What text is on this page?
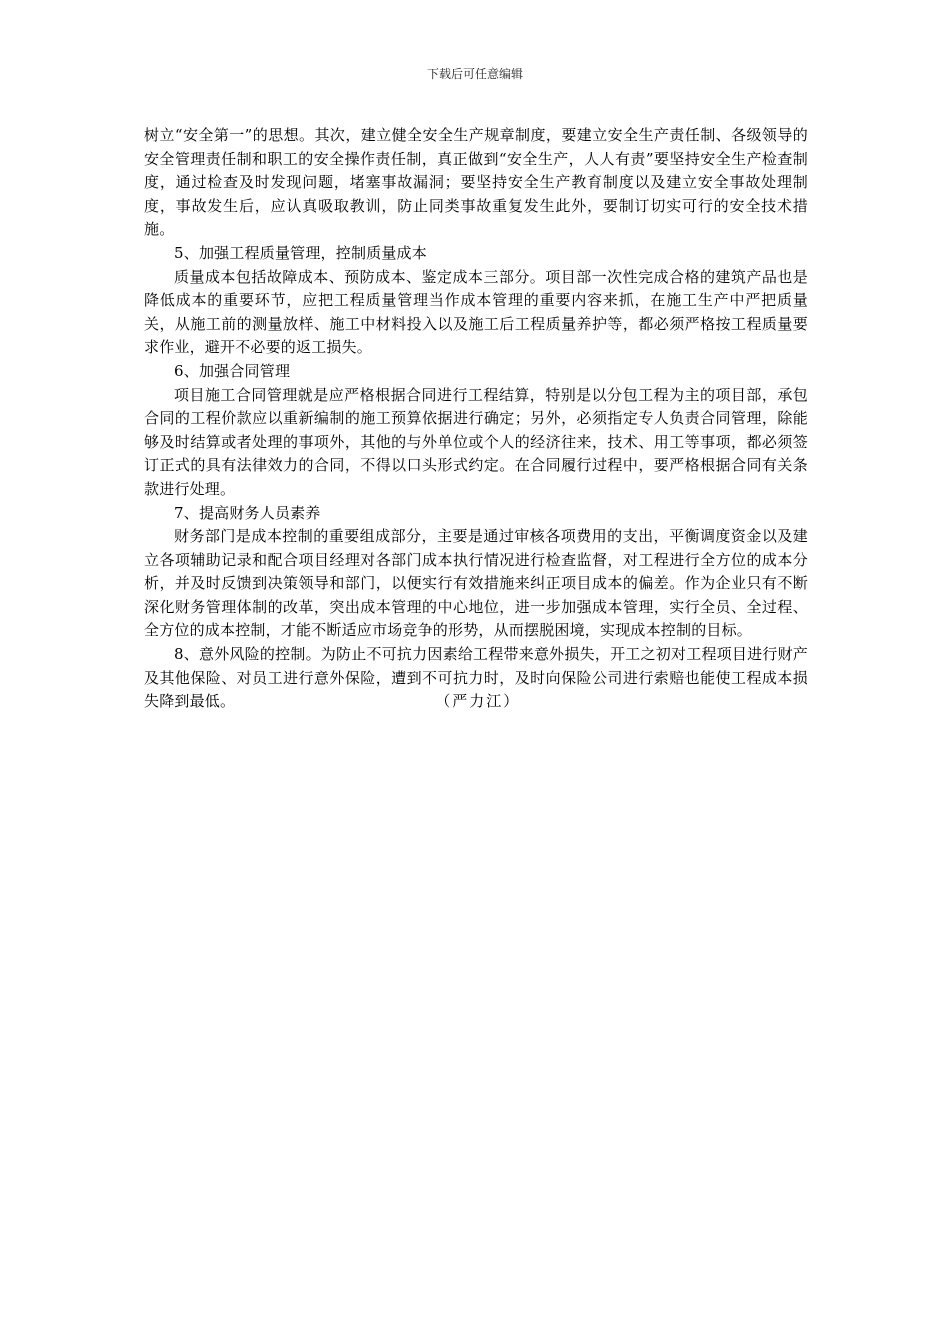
下载后可任意编辑

树立“安全第一”的思想。其次，建立健全安全生产规章制度，要建立安全生产责任制、各级领导的安全管理责任制和职工的安全操作责任制，真正做到“安全生产，人人有责”要坚持安全生产检查制度，通过检查及时发现问题，堵塞事故漏洞；要坚持安全生产教育制度以及建立安全事故处理制度，事故发生后，应认真吸取教训，防止同类事故重复发生此外，要制订切实可行的安全技术措施。

5、加强工程质量管理，控制质量成本

质量成本包括故障成本、预防成本、鉴定成本三部分。项目部一次性完成合格的建筑产品也是降低成本的重要环节，应把工程质量管理当作成本管理的重要内容来抓，在施工生产中严把质量关，从施工前的测量放样、施工中材料投入以及施工后工程质量养护等，都必须严格按工程质量要求作业，避开不必要的返工损失。

6、加强合同管理

项目施工合同管理就是应严格根据合同进行工程结算，特别是以分包工程为主的项目部，承包合同的工程价款应以重新编制的施工预算依据进行确定；另外，必须指定专人负责合同管理，除能够及时结算或者处理的事项外，其他的与外单位或个人的经济往来，技术、用工等事项，都必须签订正式的具有法律效力的合同，不得以口头形式约定。在合同履行过程中，要严格根据合同有关条款进行处理。

7、提高财务人员素养

财务部门是成本控制的重要组成部分，主要是通过审核各项费用的支出，平衡调度资金以及建立各项辅助记录和配合项目经理对各部门成本执行情况进行检查监督，对工程进行全方位的成本分析，并及时反馈到决策领导和部门，以便实行有效措施来纠正项目成本的偏差。作为企业只有不断深化财务管理体制的改革，突出成本管理的中心地位，进一步加强成本管理，实行全员、全过程、全方位的成本控制，才能不断适应市场竞争的形势，从而摆脱困境，实现成本控制的目标。

8、意外风险的控制。为防止不可抗力因素给工程带来意外损失，开工之初对工程项目进行财产及其他保险、对员工进行意外保险，遭到不可抗力时，及时向保险公司进行索赔也能使工程成本损失降到最低。	（严力江）
